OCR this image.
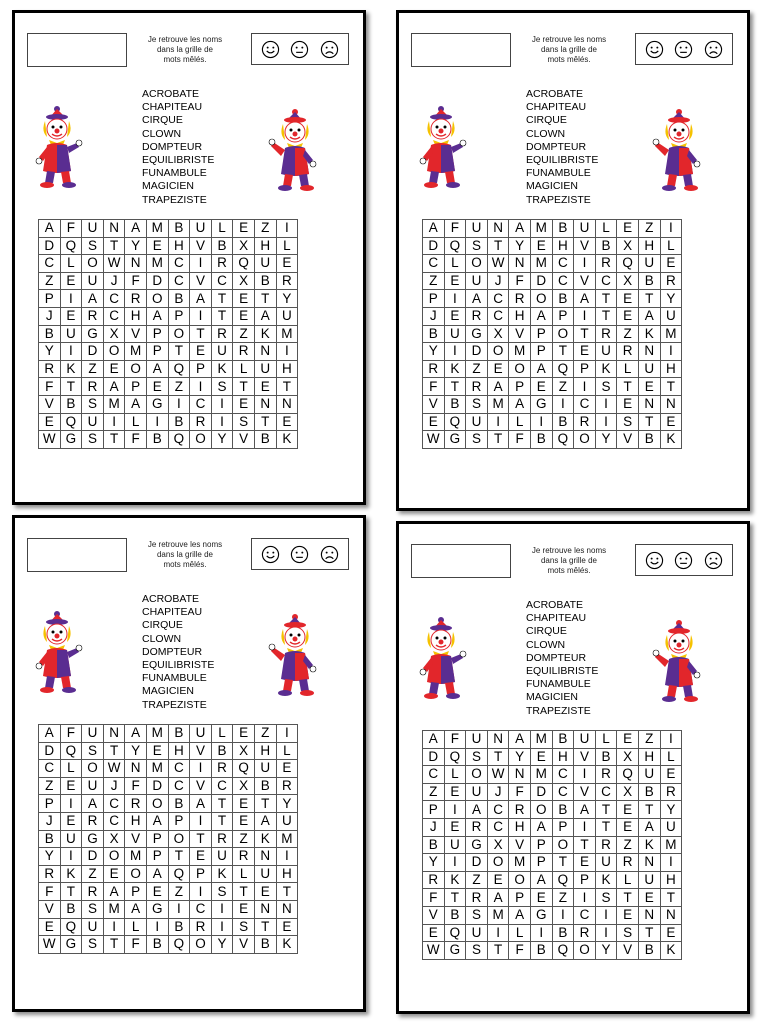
Je retrouve les noms
dans la grille de
mots mêlés.
ACROBATE
CHAPITEAU
CIRQUE
CLOWN
DOMPTEUR
EQUILIBRISTE
FUNAMBULE
MAGICIEN
TRAPEZISTE
A	F	U	N	A	M	B	U	L	E	Z	I
D	Q	S	T	Y	E	H	V	B	X	H	L
C	L	O	W	N	M	C	I	R	Q	U	E
Z	E	U	J	F	D	C	V	C	X	B	R
P	I	A	C	R	O	B	A	T	E	T	Y
J	E	R	C	H	A	P	I	T	E	A	U
B	U	G	X	V	P	O	T	R	Z	K	M
Y	I	D	O	M	P	T	E	U	R	N	I
R	K	Z	E	O	A	Q	P	K	L	U	H
F	T	R	A	P	E	Z	I	S	T	E	T
V	B	S	M	A	G	I	C	I	E	N	N
E	Q	U	I	L	I	B	R	I	S	T	E
W	G	S	T	F	B	Q	O	Y	V	B	K
Je retrouve les noms
dans la grille de
mots mêlés.
ACROBATE
CHAPITEAU
CIRQUE
CLOWN
DOMPTEUR
EQUILIBRISTE
FUNAMBULE
MAGICIEN
TRAPEZISTE
A	F	U	N	A	M	B	U	L	E	Z	I
D	Q	S	T	Y	E	H	V	B	X	H	L
C	L	O	W	N	M	C	I	R	Q	U	E
Z	E	U	J	F	D	C	V	C	X	B	R
P	I	A	C	R	O	B	A	T	E	T	Y
J	E	R	C	H	A	P	I	T	E	A	U
B	U	G	X	V	P	O	T	R	Z	K	M
Y	I	D	O	M	P	T	E	U	R	N	I
R	K	Z	E	O	A	Q	P	K	L	U	H
F	T	R	A	P	E	Z	I	S	T	E	T
V	B	S	M	A	G	I	C	I	E	N	N
E	Q	U	I	L	I	B	R	I	S	T	E
W	G	S	T	F	B	Q	O	Y	V	B	K
Je retrouve les noms
dans la grille de
mots mêlés.
ACROBATE
CHAPITEAU
CIRQUE
CLOWN
DOMPTEUR
EQUILIBRISTE
FUNAMBULE
MAGICIEN
TRAPEZISTE
A	F	U	N	A	M	B	U	L	E	Z	I
D	Q	S	T	Y	E	H	V	B	X	H	L
C	L	O	W	N	M	C	I	R	Q	U	E
Z	E	U	J	F	D	C	V	C	X	B	R
P	I	A	C	R	O	B	A	T	E	T	Y
J	E	R	C	H	A	P	I	T	E	A	U
B	U	G	X	V	P	O	T	R	Z	K	M
Y	I	D	O	M	P	T	E	U	R	N	I
R	K	Z	E	O	A	Q	P	K	L	U	H
F	T	R	A	P	E	Z	I	S	T	E	T
V	B	S	M	A	G	I	C	I	E	N	N
E	Q	U	I	L	I	B	R	I	S	T	E
W	G	S	T	F	B	Q	O	Y	V	B	K
Je retrouve les noms
dans la grille de
mots mêlés.
ACROBATE
CHAPITEAU
CIRQUE
CLOWN
DOMPTEUR
EQUILIBRISTE
FUNAMBULE
MAGICIEN
TRAPEZISTE
A	F	U	N	A	M	B	U	L	E	Z	I
D	Q	S	T	Y	E	H	V	B	X	H	L
C	L	O	W	N	M	C	I	R	Q	U	E
Z	E	U	J	F	D	C	V	C	X	B	R
P	I	A	C	R	O	B	A	T	E	T	Y
J	E	R	C	H	A	P	I	T	E	A	U
B	U	G	X	V	P	O	T	R	Z	K	M
Y	I	D	O	M	P	T	E	U	R	N	I
R	K	Z	E	O	A	Q	P	K	L	U	H
F	T	R	A	P	E	Z	I	S	T	E	T
V	B	S	M	A	G	I	C	I	E	N	N
E	Q	U	I	L	I	B	R	I	S	T	E
W	G	S	T	F	B	Q	O	Y	V	B	K
